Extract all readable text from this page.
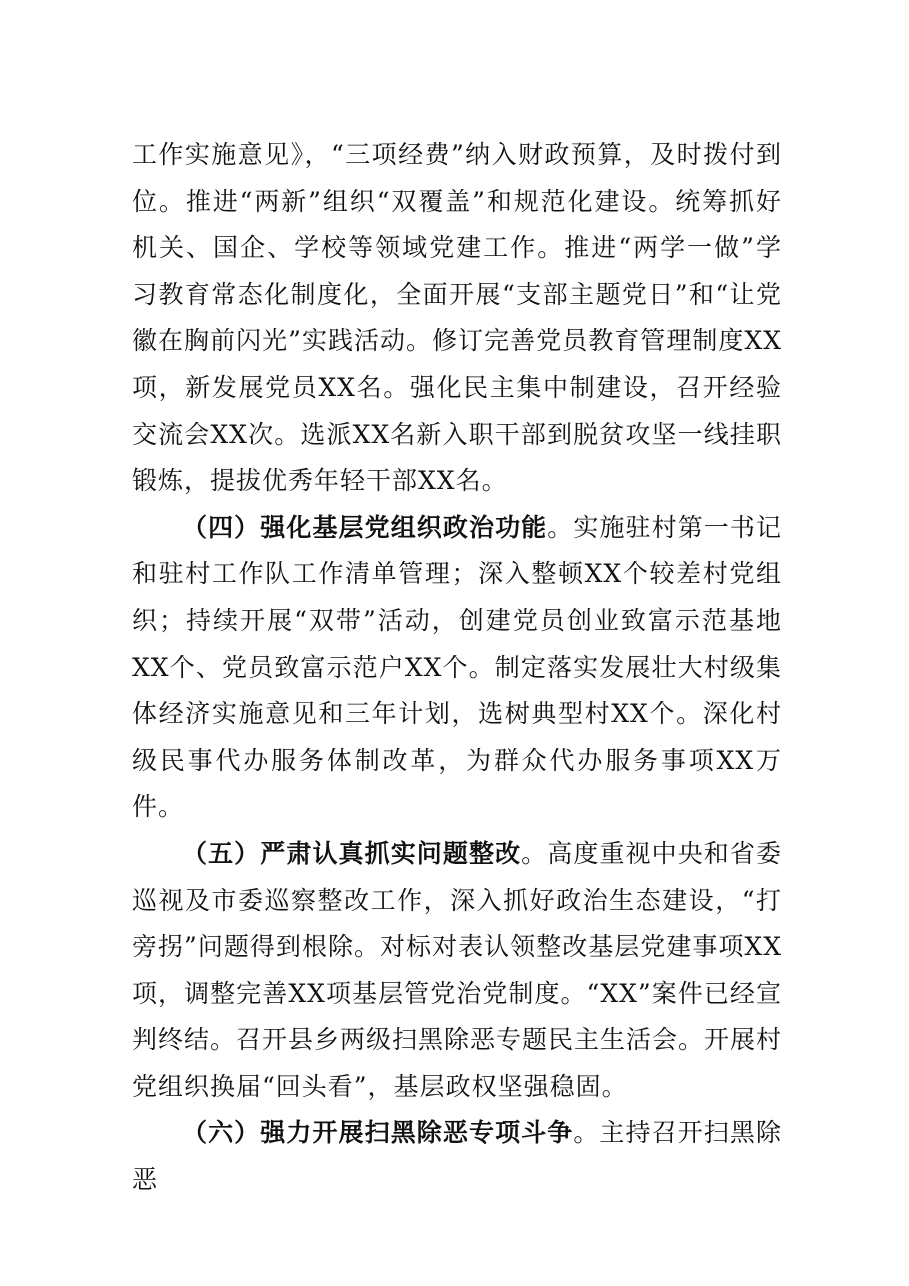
工作实施意见》，“三项经费”纳入财政预算，及时拨付到位。推进“两新”组织“双覆盖”和规范化建设。统筹抓好机关、国企、学校等领域党建工作。推进“两学一做”学习教育常态化制度化，全面开展“支部主题党日”和“让党徽在胸前闪光”实践活动。修订完善党员教育管理制度XX项，新发展党员XX名。强化民主集中制建设，召开经验交流会XX次。选派XX名新入职干部到脱贫攻坚一线挂职锻炼，提拔优秀年轻干部XX名。

（四）强化基层党组织政治功能。实施驻村第一书记和驻村工作队工作清单管理；深入整顿XX个较差村党组织；持续开展“双带”活动，创建党员创业致富示范基地XX个、党员致富示范户XX个。制定落实发展壮大村级集体经济实施意见和三年计划，选树典型村XX个。深化村级民事代办服务体制改革，为群众代办服务事项XX万件。

（五）严肃认真抓实问题整改。高度重视中央和省委巡视及市委巡察整改工作，深入抓好政治生态建设，“打旁拐”问题得到根除。对标对表认领整改基层党建事项XX项，调整完善XX项基层管党治党制度。“XX”案件已经宣判终结。召开县乡两级扫黑除恶专题民主生活会。开展村党组织换届“回头看”，基层政权坚强稳固。

（六）强力开展扫黑除恶专项斗争。主持召开扫黑除恶
